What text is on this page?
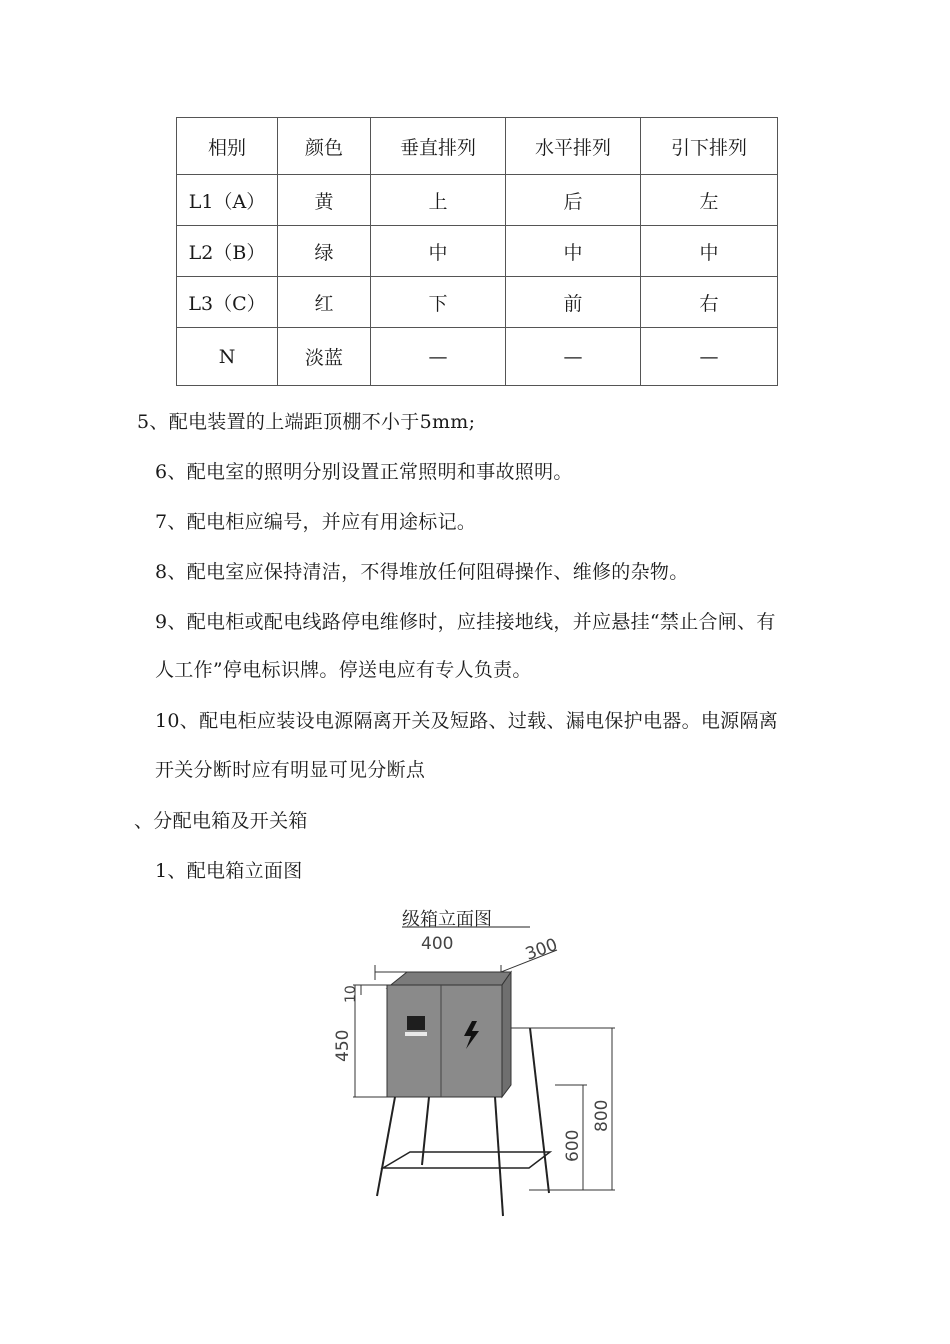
相别	颜色	垂直排列	水平排列	引下排列
L1（A）	黄	上	后	左
L2（B）	绿	中	中	中
L3（C）	红	下	前	右
N	淡蓝	—	—	—
5、配电装置的上端距顶棚不小于5mm;
6、配电室的照明分别设置正常照明和事故照明。
7、配电柜应编号，并应有用途标记。
8、配电室应保持清洁，不得堆放任何阻碍操作、维修的杂物。
9、配电柜或配电线路停电维修时，应挂接地线，并应悬挂“禁止合闸、有
人工作”停电标识牌。停送电应有专人负责。
10、配电柜应装设电源隔离开关及短路、过载、漏电保护电器。电源隔离
开关分断时应有明显可见分断点
、分配电箱及开关箱
1、配电箱立面图
级箱立面图
400	300
10
450
600
800
